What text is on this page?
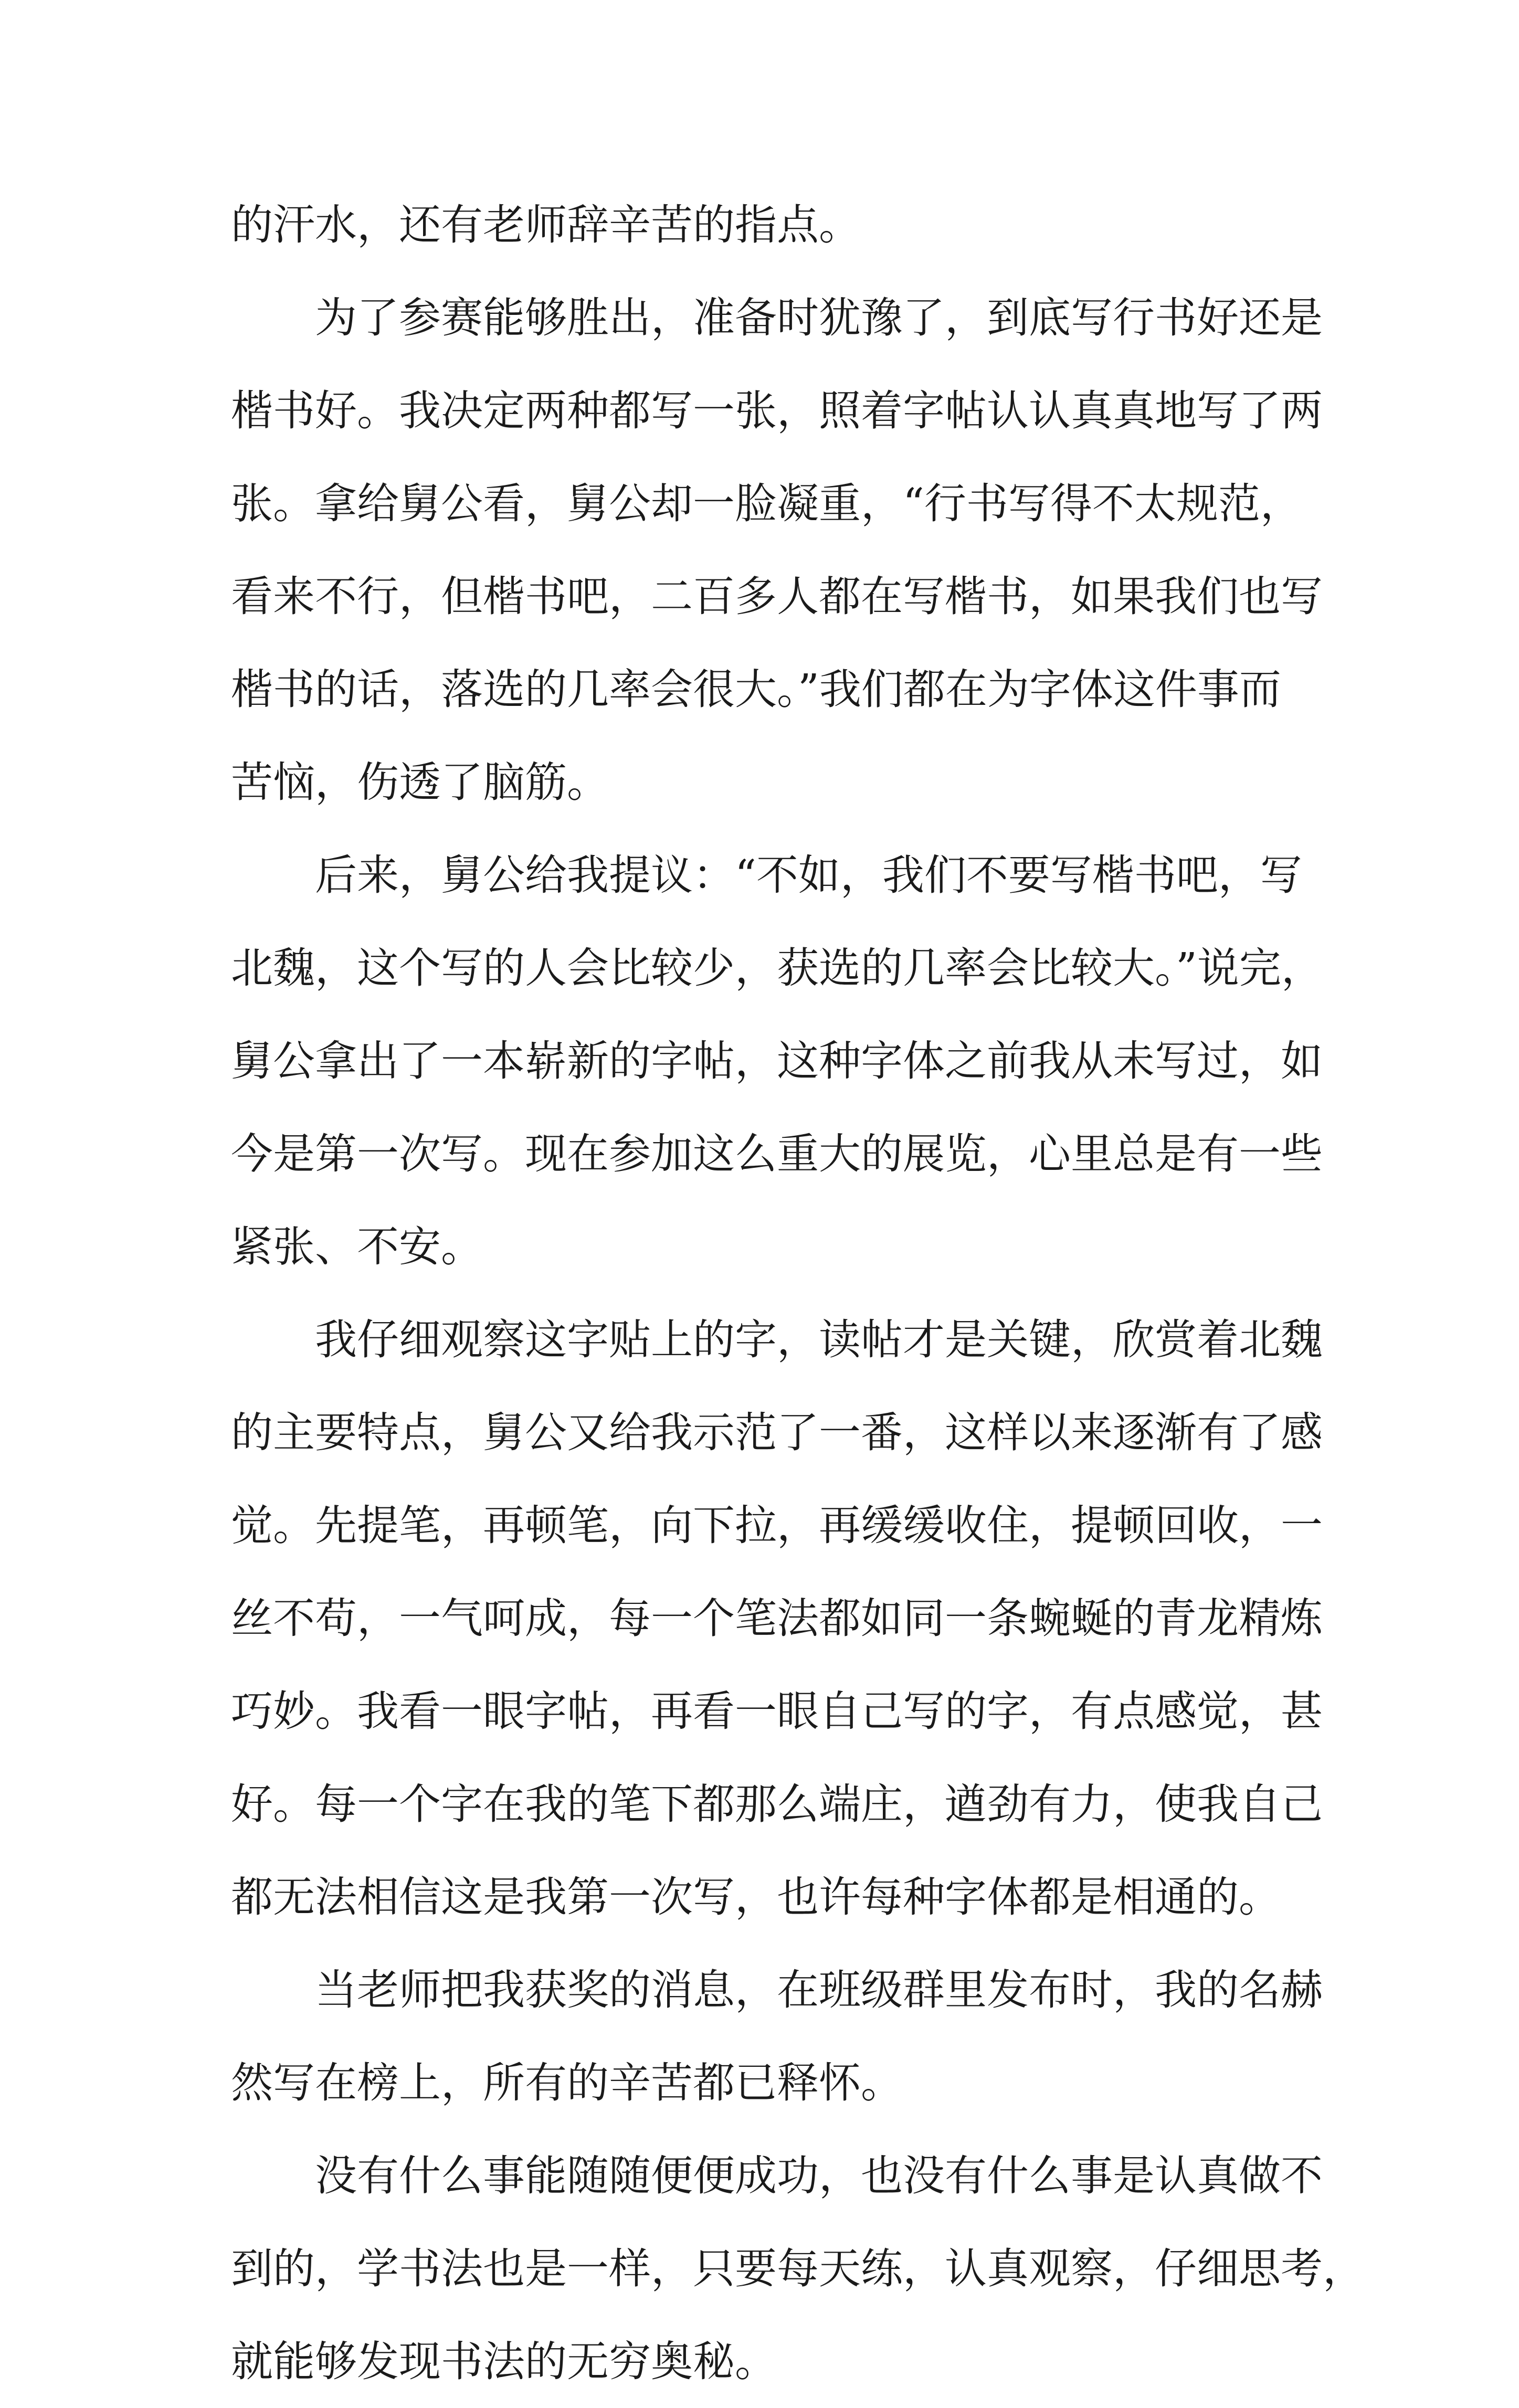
的汗水，还有老师辞辛苦的指点。
为了参赛能够胜出，准备时犹豫了，到底写行书好还是
楷书好。我决定两种都写一张，照着字帖认认真真地写了两
张。拿给舅公看，舅公却一脸凝重，“行书写得不太规范，
看来不行，但楷书吧，二百多人都在写楷书，如果我们也写
楷书的话，落选的几率会很大。”我们都在为字体这件事而
苦恼，伤透了脑筋。
后来，舅公给我提议：“不如，我们不要写楷书吧，写
北魏，这个写的人会比较少，获选的几率会比较大。”说完，
舅公拿出了一本崭新的字帖，这种字体之前我从未写过，如
今是第一次写。现在参加这么重大的展览，心里总是有一些
紧张、不安。
我仔细观察这字贴上的字，读帖才是关键，欣赏着北魏
的主要特点，舅公又给我示范了一番，这样以来逐渐有了感
觉。先提笔，再顿笔，向下拉，再缓缓收住，提顿回收，一
丝不苟，一气呵成，每一个笔法都如同一条蜿蜒的青龙精炼
巧妙。我看一眼字帖，再看一眼自己写的字，有点感觉，甚
好。每一个字在我的笔下都那么端庄，遒劲有力，使我自己
都无法相信这是我第一次写，也许每种字体都是相通的。
当老师把我获奖的消息，在班级群里发布时，我的名赫
然写在榜上，所有的辛苦都已释怀。
没有什么事能随随便便成功，也没有什么事是认真做不
到的，学书法也是一样，只要每天练，认真观察，仔细思考，
就能够发现书法的无穷奥秘。
